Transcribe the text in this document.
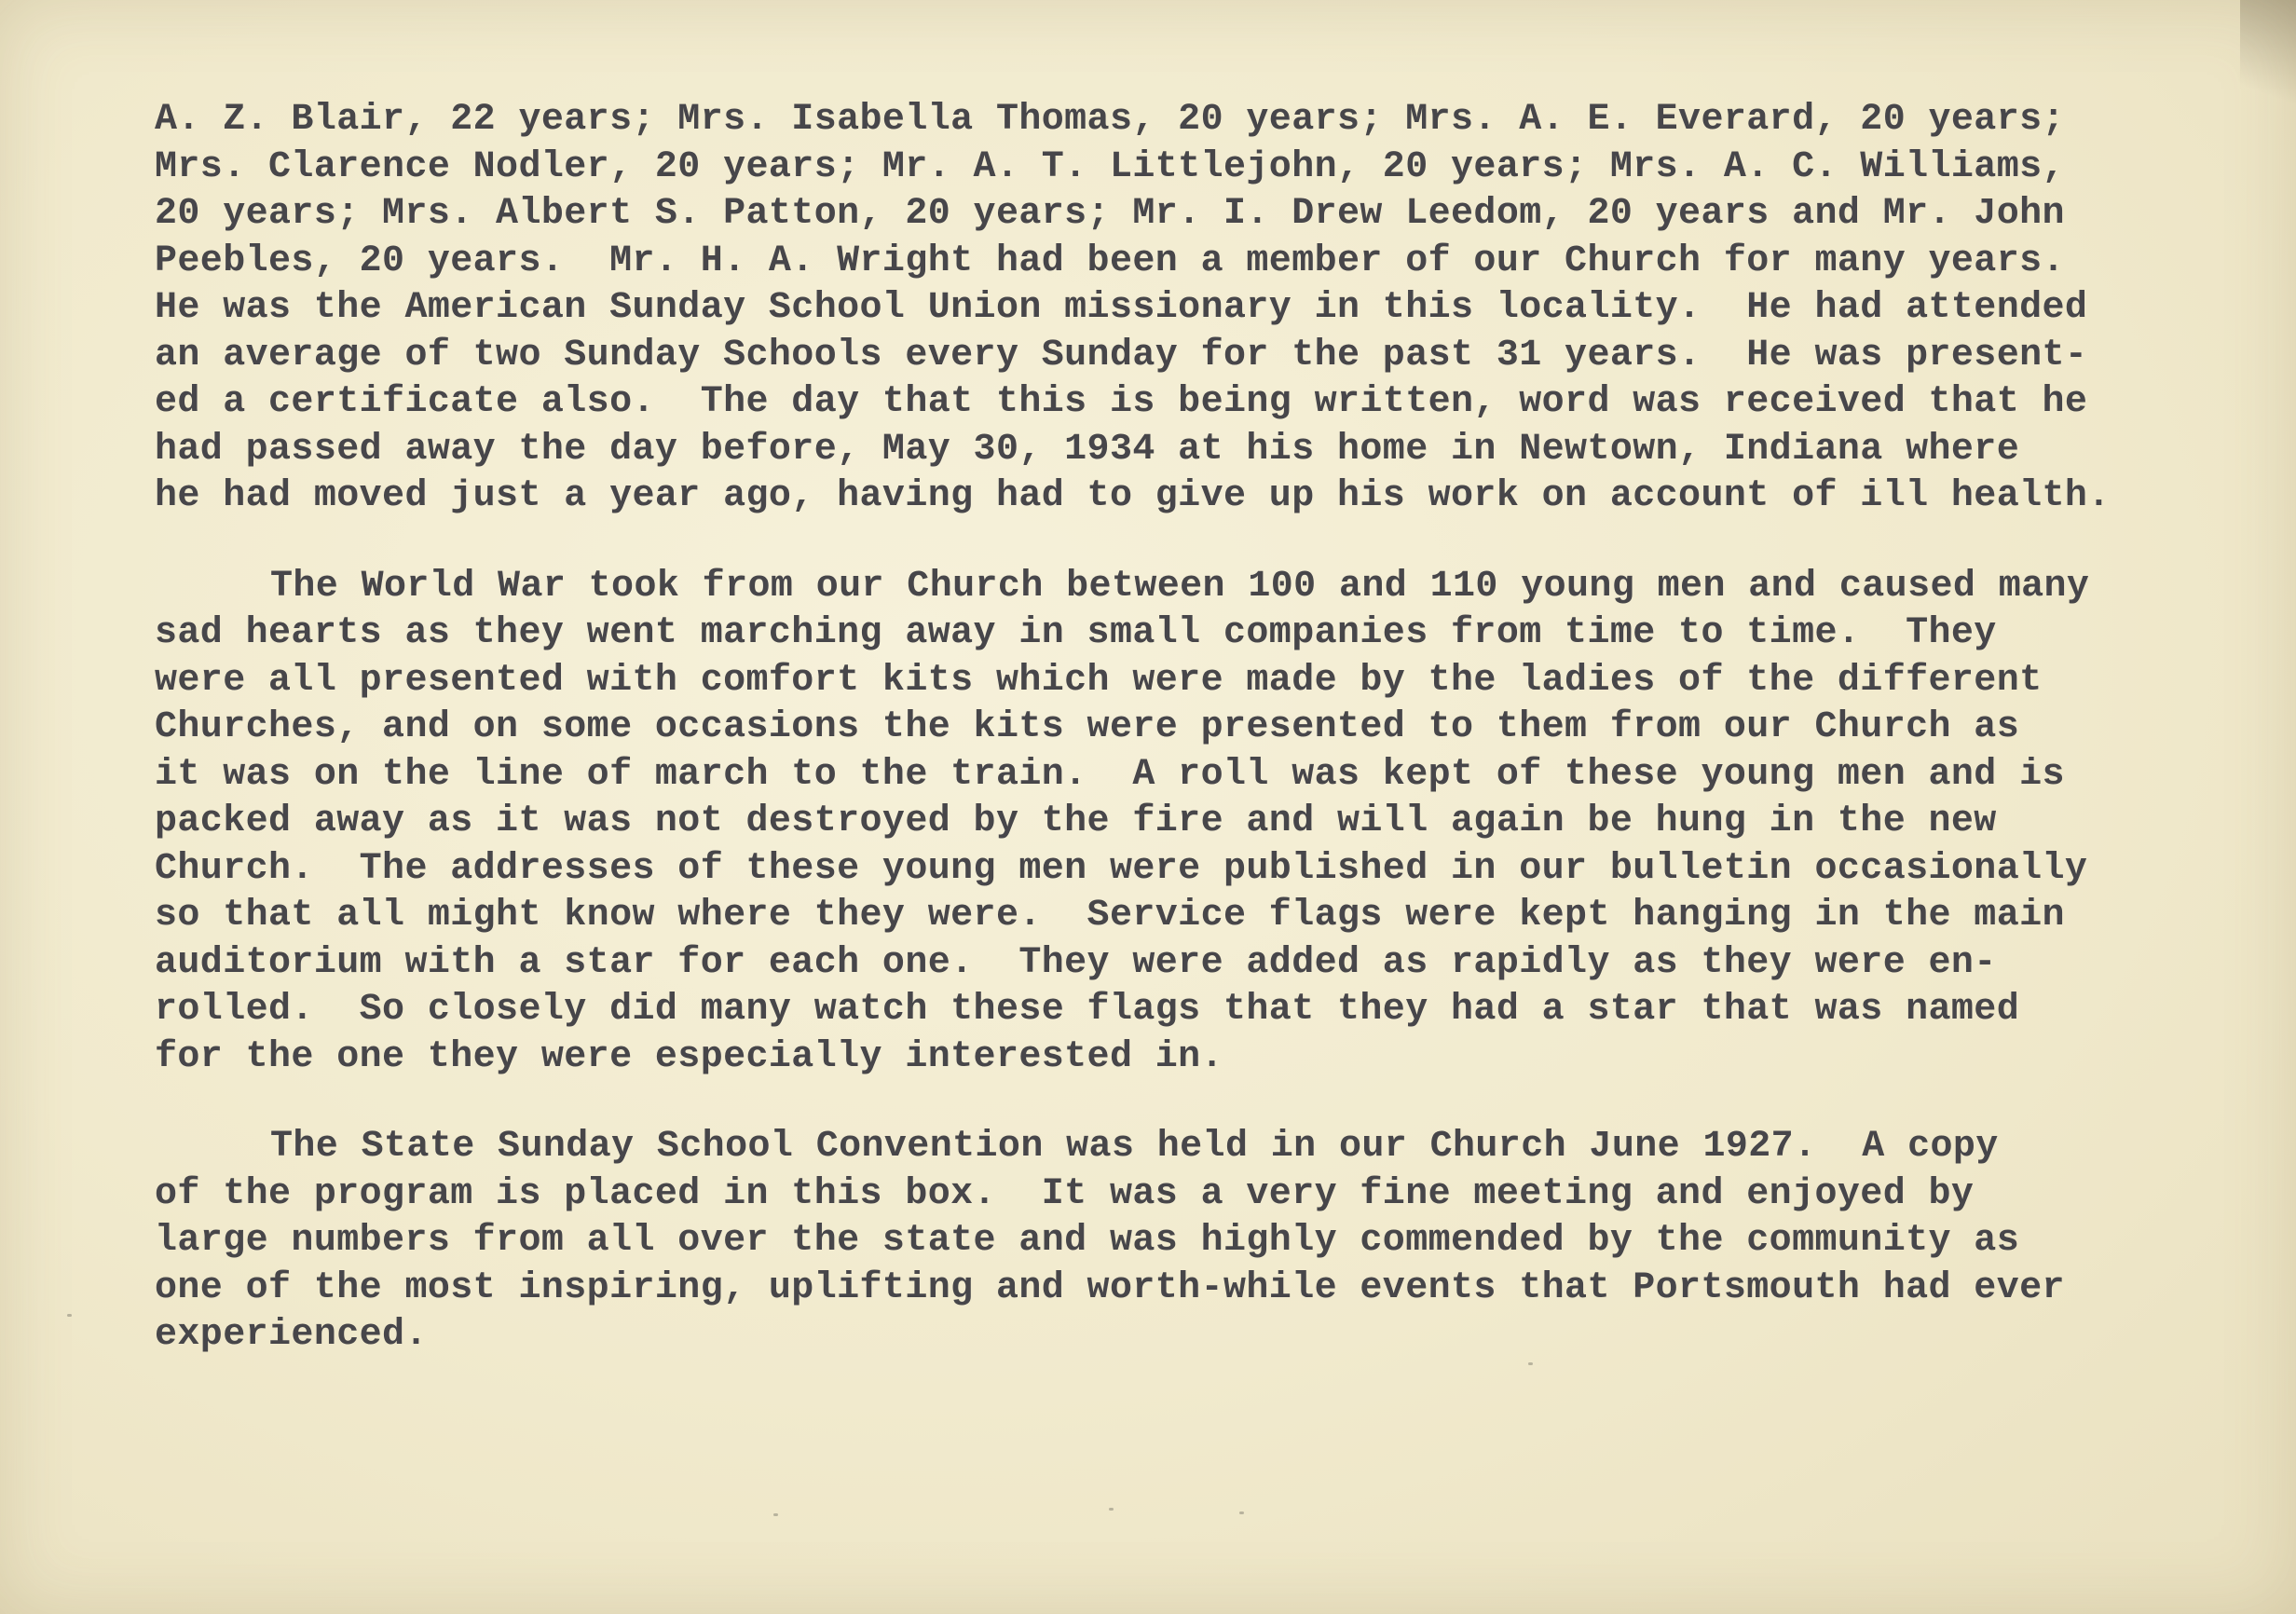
A. Z. Blair, 22 years; Mrs. Isabella Thomas, 20 years; Mrs. A. E. Everard, 20 years;
Mrs. Clarence Nodler, 20 years; Mr. A. T. Littlejohn, 20 years; Mrs. A. C. Williams,
20 years; Mrs. Albert S. Patton, 20 years; Mr. I. Drew Leedom, 20 years and Mr. John
Peebles, 20 years.  Mr. H. A. Wright had been a member of our Church for many years.
He was the American Sunday School Union missionary in this locality.  He had attended
an average of two Sunday Schools every Sunday for the past 31 years.  He was present-
ed a certificate also.  The day that this is being written, word was received that he
had passed away the day before, May 30, 1934 at his home in Newtown, Indiana where
he had moved just a year ago, having had to give up his work on account of ill health.
The World War took from our Church between 100 and 110 young men and caused many
sad hearts as they went marching away in small companies from time to time.  They
were all presented with comfort kits which were made by the ladies of the different
Churches, and on some occasions the kits were presented to them from our Church as
it was on the line of march to the train.  A roll was kept of these young men and is
packed away as it was not destroyed by the fire and will again be hung in the new
Church.  The addresses of these young men were published in our bulletin occasionally
so that all might know where they were.  Service flags were kept hanging in the main
auditorium with a star for each one.  They were added as rapidly as they were en-
rolled.  So closely did many watch these flags that they had a star that was named
for the one they were especially interested in.
The State Sunday School Convention was held in our Church June 1927.  A copy
of the program is placed in this box.  It was a very fine meeting and enjoyed by
large numbers from all over the state and was highly commended by the community as
one of the most inspiring, uplifting and worth-while events that Portsmouth had ever
experienced.
